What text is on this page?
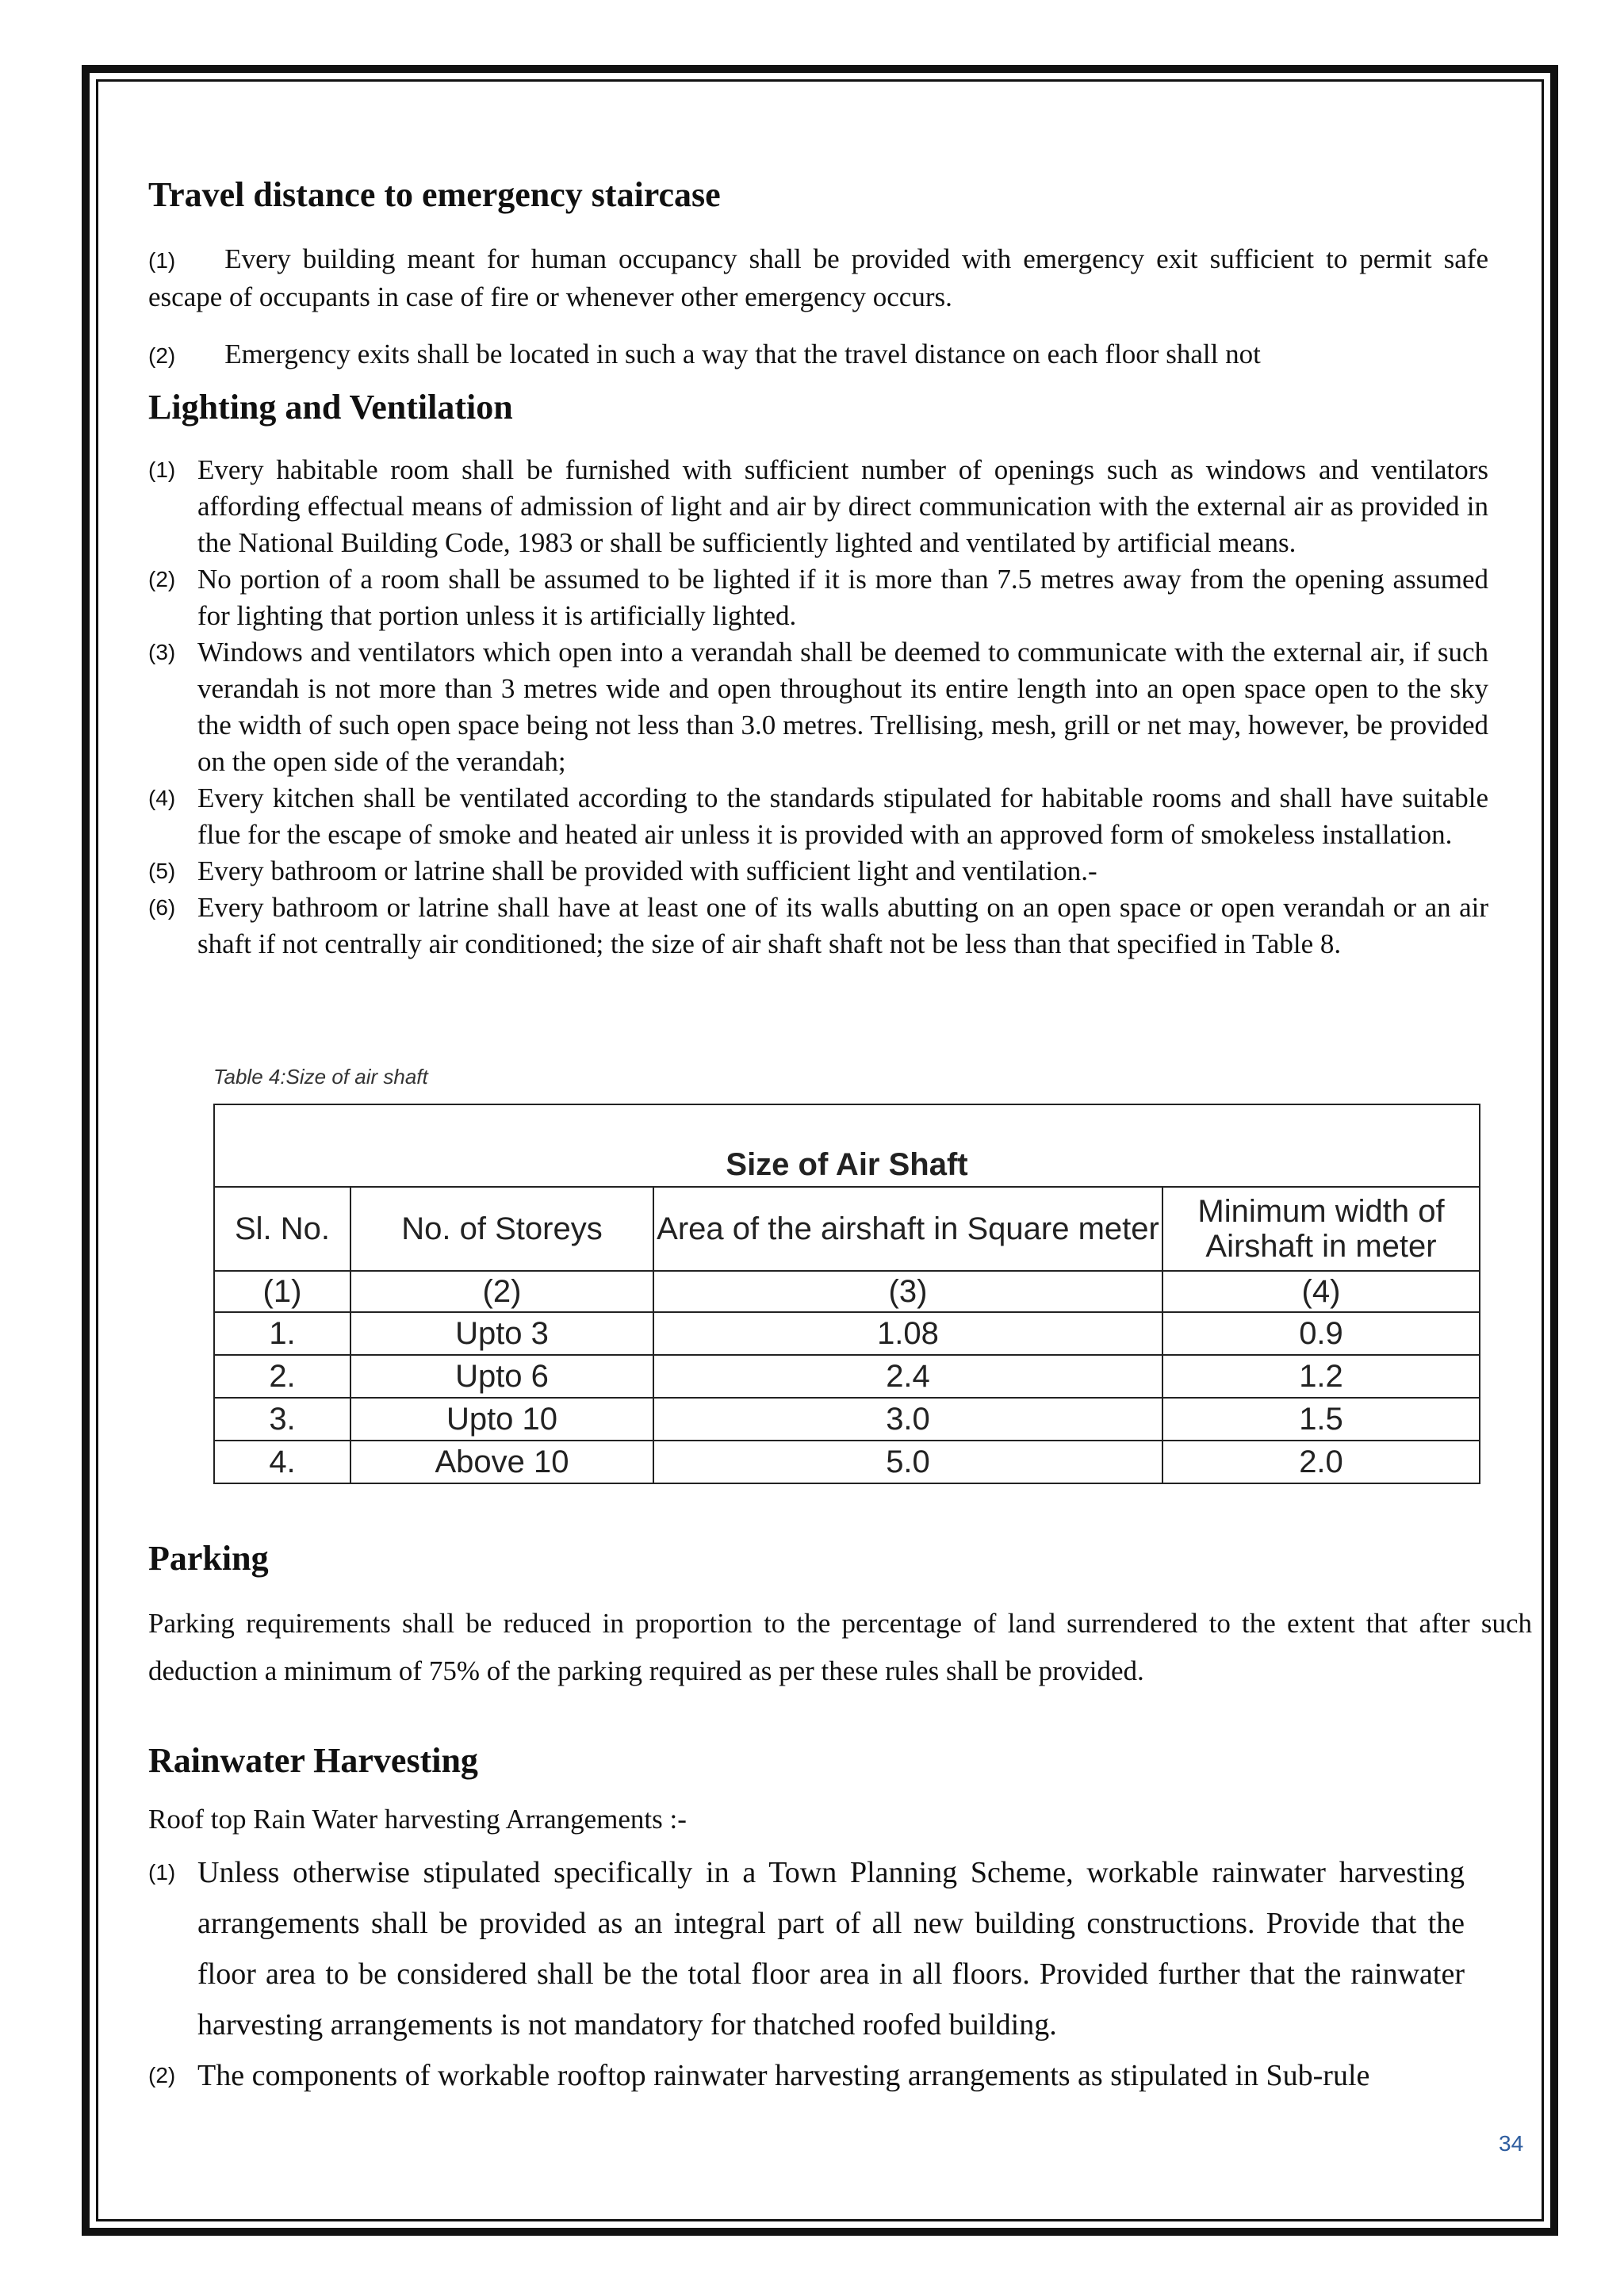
Travel distance to emergency staircase
(1) Every building meant for human occupancy shall be provided with emergency exit sufficient to permit safe escape of occupants in case of fire or whenever other emergency occurs.
(2) Emergency exits shall be located in such a way that the travel distance on each floor shall not
Lighting and Ventilation
(1) Every habitable room shall be furnished with sufficient number of openings such as windows and ventilators affording effectual means of admission of light and air by direct communication with the external air as provided in the National Building Code, 1983 or shall be sufficiently lighted and ventilated by artificial means.
(2) No portion of a room shall be assumed to be lighted if it is more than 7.5 metres away from the opening assumed for lighting that portion unless it is artificially lighted.
(3) Windows and ventilators which open into a verandah shall be deemed to communicate with the external air, if such verandah is not more than 3 metres wide and open throughout its entire length into an open space open to the sky the width of such open space being not less than 3.0 metres. Trellising, mesh, grill or net may, however, be provided on the open side of the verandah;
(4) Every kitchen shall be ventilated according to the standards stipulated for habitable rooms and shall have suitable flue for the escape of smoke and heated air unless it is provided with an approved form of smokeless installation.
(5) Every bathroom or latrine shall be provided with sufficient light and ventilation.-
(6) Every bathroom or latrine shall have at least one of its walls abutting on an open space or open verandah or an air shaft if not centrally air conditioned; the size of air shaft shaft not be less than that specified in Table 8.
Table 4:Size of air shaft
Size of Air Shaft			
Sl. No.	No. of Storeys	Area of the airshaft in Square meter	Minimum width of Airshaft in meter
(1)	(2)	(3)	(4)
1.	Upto 3	1.08	0.9
2.	Upto 6	2.4	1.2
3.	Upto 10	3.0	1.5
4.	Above 10	5.0	2.0
Parking
Parking requirements shall be reduced in proportion to the percentage of land surrendered to the extent that after such deduction a minimum of 75% of the parking required as per these rules shall be provided.
Rainwater Harvesting
Roof top Rain Water harvesting Arrangements :-
(1) Unless otherwise stipulated specifically in a Town Planning Scheme, workable rainwater harvesting arrangements shall be provided as an integral part of all new building constructions. Provide that the floor area to be considered shall be the total floor area in all floors. Provided further that the rainwater harvesting arrangements is not mandatory for thatched roofed building.
(2) The components of workable rooftop rainwater harvesting arrangements as stipulated in Sub-rule
34
